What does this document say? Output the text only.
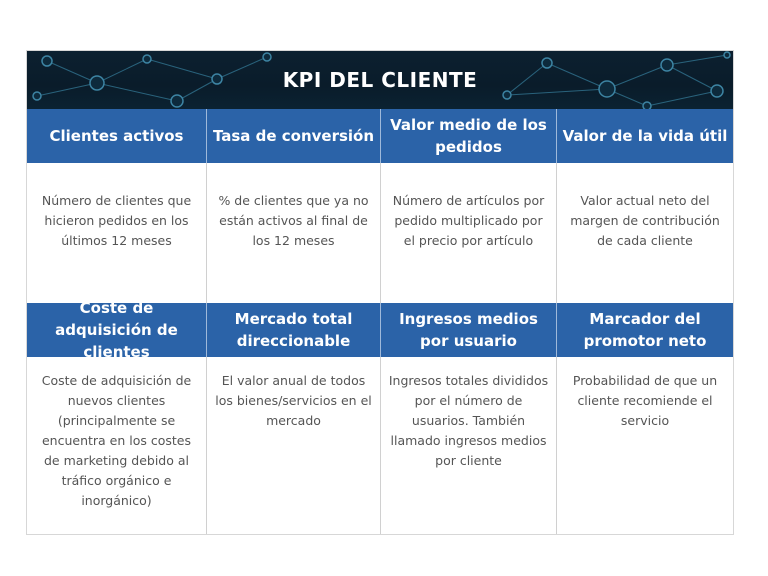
KPI DEL CLIENTE
Clientes activos	Tasa de conversión
Valor medio de los pedidos
Valor de la vida útil
Número de clientes que hicieron pedidos en los últimos 12 meses
% de clientes que ya no están activos al final de los 12 meses
Número de artículos por pedido multiplicado por el precio por artículo
Valor actual neto del margen de contribución de cada cliente
Coste de adquisición de clientes
Mercado total direccionable
Ingresos medios por usuario
Marcador del promotor neto
Coste de adquisición de nuevos clientes (principalmente se encuentra en los costes de marketing debido al tráfico orgánico e inorgánico)
El valor anual de todos los bienes/servicios en el mercado
Ingresos totales divididos por el número de usuarios. También llamado ingresos medios por cliente
Probabilidad de que un cliente recomiende el servicio
